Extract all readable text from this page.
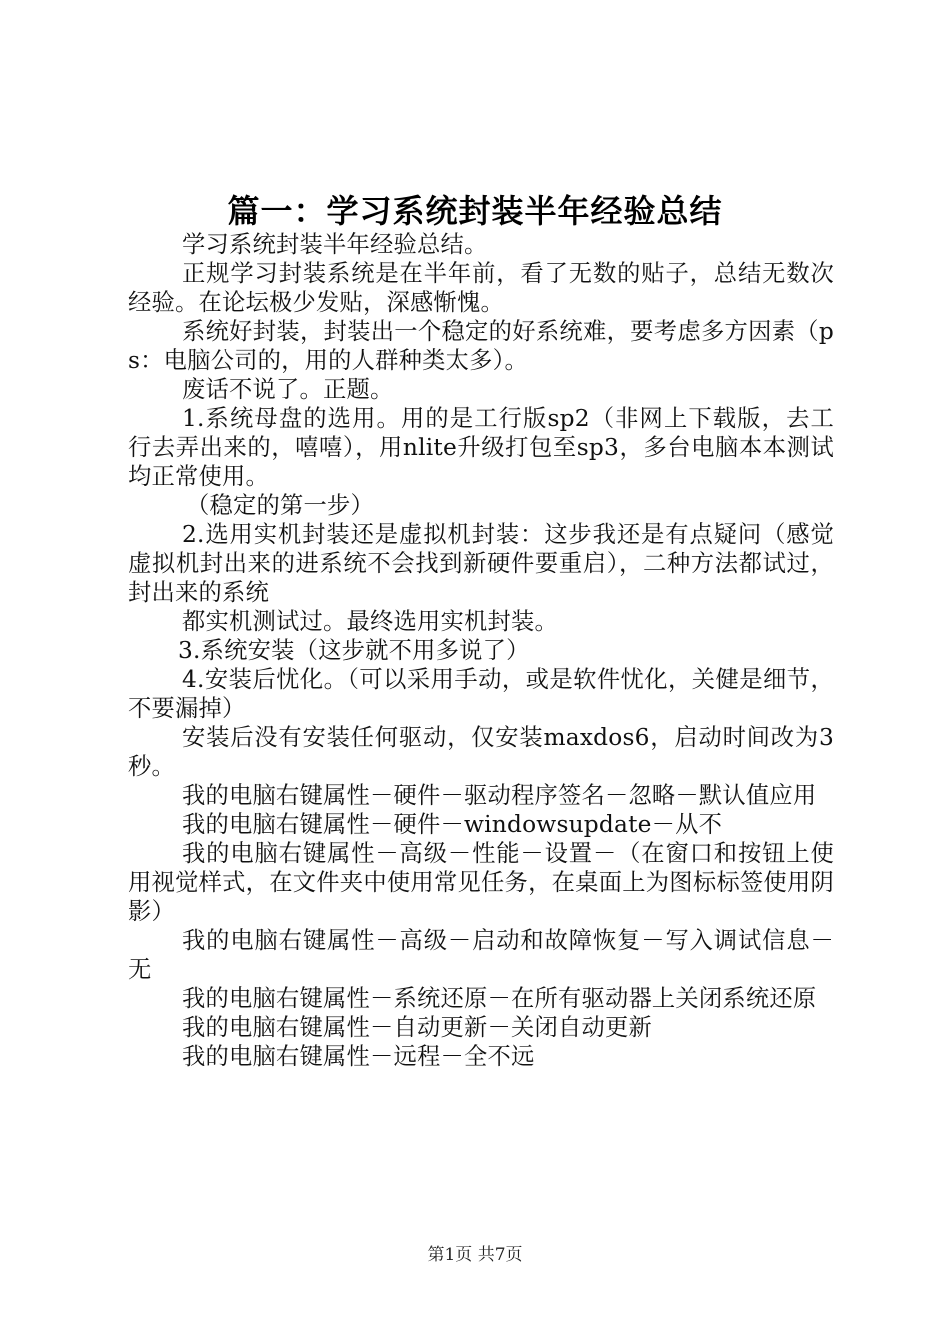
篇一：学习系统封装半年经验总结

学习系统封装半年经验总结。

正规学习封装系统是在半年前，看了无数的贴子，总结无数次经验。在论坛极少发贴，深感惭愧。

系统好封装，封装出一个稳定的好系统难，要考虑多方因素（ps：电脑公司的，用的人群种类太多）。

废话不说了。正题。

1.系统母盘的选用。用的是工行版sp2（非网上下载版，去工行去弄出来的，嘻嘻），用nlite升级打包至sp3，多台电脑本本测试均正常使用。

（稳定的第一步）

2.选用实机封装还是虚拟机封装：这步我还是有点疑问（感觉虚拟机封出来的进系统不会找到新硬件要重启），二种方法都试过，封出来的系统

都实机测试过。最终选用实机封装。

3.系统安装（这步就不用多说了）

4.安装后忧化。（可以采用手动，或是软件忧化，关健是细节，不要漏掉）

安装后没有安装任何驱动，仅安装maxdos6，启动时间改为3秒。

我的电脑右键属性－硬件－驱动程序签名－忽略－默认值应用

我的电脑右键属性－硬件－windowsupdate－从不

我的电脑右键属性－高级－性能－设置－（在窗口和按钮上使用视觉样式，在文件夹中使用常见任务，在桌面上为图标标签使用阴影）

我的电脑右键属性－高级－启动和故障恢复－写入调试信息－无

我的电脑右键属性－系统还原－在所有驱动器上关闭系统还原

我的电脑右键属性－自动更新－关闭自动更新

我的电脑右键属性－远程－全不远

第1页 共7页
